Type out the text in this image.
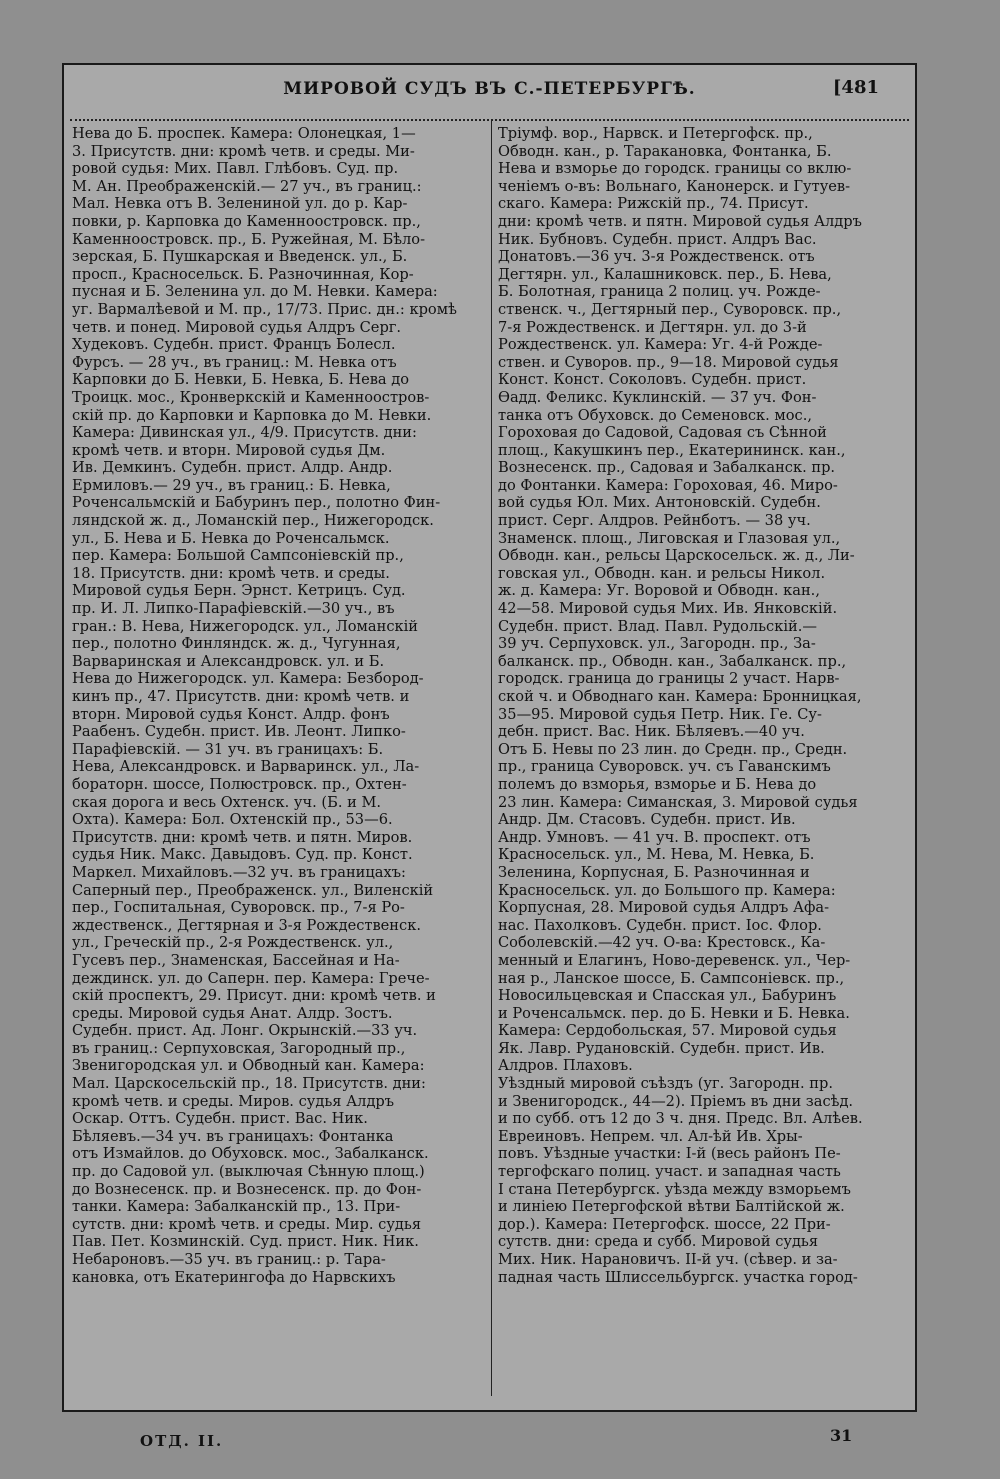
МИРОВОЙ СУДЪ ВЪ С.-ПЕТЕРБУРГѢ.	[481
Нева до Б. проспек. Камера: Олонецкая, 1—
3. Присутств. дни: кромѣ четв. и среды. Ми-
ровой судья: Мих. Павл. Глѣбовъ. Суд. пр.
М. Ан. Преображенскій.— 27 уч., въ границ.:
Мал. Невка отъ В. Зелениной ул. до р. Кар-
повки, р. Карповка до Каменноостровск. пр.,
Каменноостровск. пр., Б. Ружейная, М. Бѣло-
зерская, Б. Пушкарская и Введенск. ул., Б.
просп., Красносельск. Б. Разночинная, Кор-
пусная и Б. Зеленина ул. до М. Невки. Камера:
уг. Вармалѣевой и М. пр., 17/73. Прис. дн.: кромѣ
четв. и понед. Мировой судья Алдръ Серг.
Худековъ. Судебн. прист. Францъ Болесл.
Фурсъ. — 28 уч., въ границ.: М. Невка отъ
Карповки до Б. Невки, Б. Невка, Б. Нева до
Троицк. мос., Кронверкскій и Каменноостров-
скій пр. до Карповки и Карповка до М. Невки.
Камера: Дивинская ул., 4/9. Присутств. дни:
кромѣ четв. и вторн. Мировой судья Дм.
Ив. Демкинъ. Судебн. прист. Алдр. Андр.
Ермиловъ.— 29 уч., въ границ.: Б. Невка,
Роченсальмскій и Бабуринъ пер., полотно Фин-
ляндской ж. д., Ломанскій пер., Нижегородск.
ул., Б. Нева и Б. Невка до Роченсальмск.
пер. Камера: Большой Сампсоніевскій пр.,
18. Присутств. дни: кромѣ четв. и среды.
Мировой судья Берн. Эрнст. Кетрицъ. Суд.
пр. И. Л. Липко-Парафіевскій.—30 уч., въ
гран.: В. Нева, Нижегородск. ул., Ломанскій
пер., полотно Финляндск. ж. д., Чугунная,
Варваринская и Александровск. ул. и Б.
Нева до Нижегородск. ул. Камера: Безбород-
кинъ пр., 47. Присутств. дни: кромѣ четв. и
вторн. Мировой судья Конст. Алдр. фонъ
Раабенъ. Судебн. прист. Ив. Леонт. Липко-
Парафіевскій. — 31 уч. въ границахъ: Б.
Нева, Александровск. и Варваринск. ул., Ла-
бораторн. шоссе, Полюстровск. пр., Охтен-
ская дорога и весь Охтенск. уч. (Б. и М.
Охта). Камера: Бол. Охтенскій пр., 53—6.
Присутств. дни: кромѣ четв. и пятн. Миров.
судья Ник. Макс. Давыдовъ. Суд. пр. Конст.
Маркел. Михайловъ.—32 уч. въ границахъ:
Саперный пер., Преображенск. ул., Виленскій
пер., Госпитальная, Суворовск. пр., 7-я Ро-
ждественск., Дегтярная и 3-я Рождественск.
ул., Греческій пр., 2-я Рождественск. ул.,
Гусевъ пер., Знаменская, Бассейная и На-
деждинск. ул. до Саперн. пер. Камера: Грече-
скій проспектъ, 29. Присут. дни: кромѣ четв. и
среды. Мировой судья Анат. Алдр. Зостъ.
Судебн. прист. Ад. Лонг. Окрынскій.—33 уч.
въ границ.: Серпуховская, Загородный пр.,
Звенигородская ул. и Обводный кан. Камера:
Мал. Царскосельскій пр., 18. Присутств. дни:
кромѣ четв. и среды. Миров. судья Алдръ
Оскар. Оттъ. Судебн. прист. Вас. Ник.
Бѣляевъ.—34 уч. въ границахъ: Фонтанка
отъ Измайлов. до Обуховск. мос., Забалканск.
пр. до Садовой ул. (выключая Сѣнную площ.)
до Вознесенск. пр. и Вознесенск. пр. до Фон-
танки. Камера: Забалканскій пр., 13. При-
сутств. дни: кромѣ четв. и среды. Мир. судья
Пав. Пет. Козминскій. Суд. прист. Ник. Ник.
Небароновъ.—35 уч. въ границ.: р. Тара-
кановка, отъ Екатерингофа до Нарвскихъ
Тріумф. вор., Нарвск. и Петергофск. пр.,
Обводн. кан., р. Таракановка, Фонтанка, Б.
Нева и взморье до городск. границы со вклю-
ченіемъ о-въ: Вольнаго, Канонерск. и Гутуев-
скаго. Камера: Рижскій пр., 74. Присут.
дни: кромѣ четв. и пятн. Мировой судья Алдръ
Ник. Бубновъ. Судебн. прист. Алдръ Вас.
Донатовъ.—36 уч. 3-я Рождественск. отъ
Дегтярн. ул., Калашниковск. пер., Б. Нева,
Б. Болотная, граница 2 полиц. уч. Рожде-
ственск. ч., Дегтярный пер., Суворовск. пр.,
7-я Рождественск. и Дегтярн. ул. до 3-й
Рождественск. ул. Камера: Уг. 4-й Рожде-
ствен. и Суворов. пр., 9—18. Мировой судья
Конст. Конст. Соколовъ. Судебн. прист.
Ѳадд. Феликс. Куклинскій. — 37 уч. Фон-
танка отъ Обуховск. до Семеновск. мос.,
Гороховая до Садовой, Садовая съ Сѣнной
площ., Какушкинъ пер., Екатерининск. кан.,
Вознесенск. пр., Садовая и Забалканск. пр.
до Фонтанки. Камера: Гороховая, 46. Миро-
вой судья Юл. Мих. Антоновскій. Судебн.
прист. Серг. Алдров. Рейнботъ. — 38 уч.
Знаменск. площ., Лиговская и Глазовая ул.,
Обводн. кан., рельсы Царскосельск. ж. д., Ли-
говская ул., Обводн. кан. и рельсы Никол.
ж. д. Камера: Уг. Воровой и Обводн. кан.,
42—58. Мировой судья Мих. Ив. Янковскій.
Судебн. прист. Влад. Павл. Рудольскій.—
39 уч. Серпуховск. ул., Загородн. пр., За-
балканск. пр., Обводн. кан., Забалканск. пр.,
городск. граница до границы 2 участ. Нарв-
ской ч. и Обводнаго кан. Камера: Бронницкая,
35—95. Мировой судья Петр. Ник. Ге. Су-
дебн. прист. Вас. Ник. Бѣляевъ.—40 уч.
Отъ Б. Невы по 23 лин. до Средн. пр., Средн.
пр., граница Суворовск. уч. съ Гаванскимъ
полемъ до взморья, взморье и Б. Нева до
23 лин. Камера: Симанская, 3. Мировой судья
Андр. Дм. Стасовъ. Судебн. прист. Ив.
Андр. Умновъ. — 41 уч. В. проспект. отъ
Красносельск. ул., М. Нева, М. Невка, Б.
Зеленина, Корпусная, Б. Разночинная и
Красносельск. ул. до Большого пр. Камера:
Корпусная, 28. Мировой судья Алдръ Афа-
нас. Пахолковъ. Судебн. прист. Іос. Флор.
Соболевскій.—42 уч. О-ва: Крестовск., Ка-
менный и Елагинъ, Ново-деревенск. ул., Чер-
ная р., Ланское шоссе, Б. Сампсоніевск. пр.,
Новосильцевская и Спасская ул., Бабуринъ
и Роченсальмск. пер. до Б. Невки и Б. Невка.
Камера: Сердобольская, 57. Мировой судья
Як. Лавр. Рудановскій. Судебн. прист. Ив.
Алдров. Плаховъ.
Уѣздный мировой съѣздъ (уг. Загородн. пр.
и Звенигородск., 44—2). Пріемъ въ дни засѣд.
и по субб. отъ 12 до 3 ч. дня. Предс. Вл. Алѣев.
Евреиновъ. Непрем. чл. Ал-ѣй Ив. Хры-
повъ. Уѣздные участки: I-й (весь районъ Пе-
тергофскаго полиц. участ. и западная часть
I стана Петербургск. уѣзда между взморьемъ
и линіею Петергофской вѣтви Балтійской ж.
дор.). Камера: Петергофск. шоссе, 22 При-
сутств. дни: среда и субб. Мировой судья
Мих. Ник. Нарановичъ. II-й уч. (сѣвер. и за-
падная часть Шлиссельбургск. участка город-
ОТД. II.	31
